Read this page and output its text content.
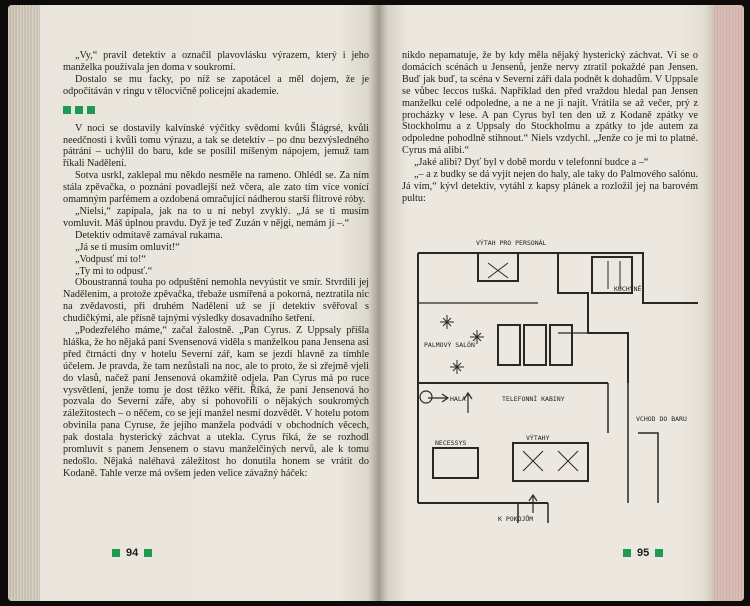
„Vy,“ pravil detektiv a označil plavovlásku výrazem, který i jeho manželka používala jen doma v soukromí.

Dostalo se mu facky, po níž se zapotácel a měl dojem, že je odpočítáván v ringu v tělocvičně policejní akademie.

V noci se dostavily kalvínské výčitky svědomí kvůli Šlágrsé, kvůli needčnosti i kvůli tomu výrazu, a tak se detektiv – po dnu bezvýsledného pátrání – uchýlil do baru, kde se posílil míšeným nápojem, jemuž tam říkali Nadělení.

Sotva usrkl, zaklepal mu někdo nesměle na rameno. Ohlédl se. Za ním stála zpěvačka, o poznání povadlejší než včera, ale zato tím více vonící omamným parfémem a ozdobená omračující nádherou starší flitrové róby.

„Nielsi,“ zapípala, jak na to u ní nebyl zvyklý. „Já se ti musím vomluvit. Máš úplnou pravdu. Dyž je teď Zuzán v nějgi, nemám jí –.“

Detektiv odmítavě zamával rukama.

„Já se ti musím omluvit!“

„Vodpusť mi to!“

„Ty mi to odpusť.“

Oboustranná touha po odpuštění nemohla nevyústit ve smír. Stvrdili jej Nadělením, a protože zpěvačka, třebaže usmířená a pokorná, neztratila nic na zvědavosti, při druhém Nadělení už se jí detektiv svěřoval s chudičkými, ale přísně tajnými výsledky dosavadního šetření.

„Podezřelého máme,“ začal žalostně. „Pan Cyrus. Z Uppsaly přišla hláška, že ho nějaká paní Svensenová viděla s manželkou pana Jensena asi před čtrnácti dny v hotelu Severní zář, kam se jezdí hlavně za tímhle účelem. Je pravda, že tam nezůstali na noc, ale to proto, že si zřejmě vjeli do vlasů, načež paní Jensenová okamžitě odjela. Pan Cyrus má po ruce vysvětlení, jenže tomu je dost těžko věřit. Říká, že paní Jensenová ho pozvala do Severní záře, aby si pohovořili o nějakých soukromých záležitostech – o něčem, co se její manžel nesmí dozvědět. V hotelu potom obvinila pana Cyruse, že jejího manžela podvádí v obchodních věcech, pak dostala hysterický záchvat a utekla. Cyrus říká, že se rozhodl promluvit s panem Jensenem o stavu manželčiných nervů, ale k tomu nedošlo. Nějaká naléhavá záležitost ho donutila honem se vrátit do Kodaně. Tahle verze má ovšem jeden velice závažný háček:

94

nikdo nepamatuje, že by kdy měla nějaký hysterický záchvat. Ví se o domácích scénách u Jensenů, jenže nervy ztratil pokaždé pan Jensen. Buď jak buď, ta scéna v Severní záři dala podnět k dohadům. V Uppsale se vůbec leccos tušká. Například den před vraždou hledal pan Jensen manželku celé odpoledne, a ne a ne ji najít. Vrátila se až večer, prý z procházky v lese. A pan Cyrus byl ten den už z Kodaně zpátky ve Stockholmu a z Uppsaly do Stockholmu a zpátky to jde autem za odpoledne pohodlně stihnout.“ Niels vzdychl. „Jenže co je mi to platné. Cyrus má alibi.“

„Jaké alibi? Dyť byl v době mordu v telefonní budce a –“

„– a z budky se dá vyjít nejen do haly, ale taky do Palmového salónu. Já vím,“ kývl detektiv, vytáhl z kapsy plánek a rozložil jej na barovém pultu:

VÝTAH PRO PERSONÁL
KUCHYNĚ
PALMOVÝ SALÓN
HALA	TELEFONNÍ KABINY
VCHOD DO BARU
NECESSYS
VÝTAHY
K POKOJŮM
95
